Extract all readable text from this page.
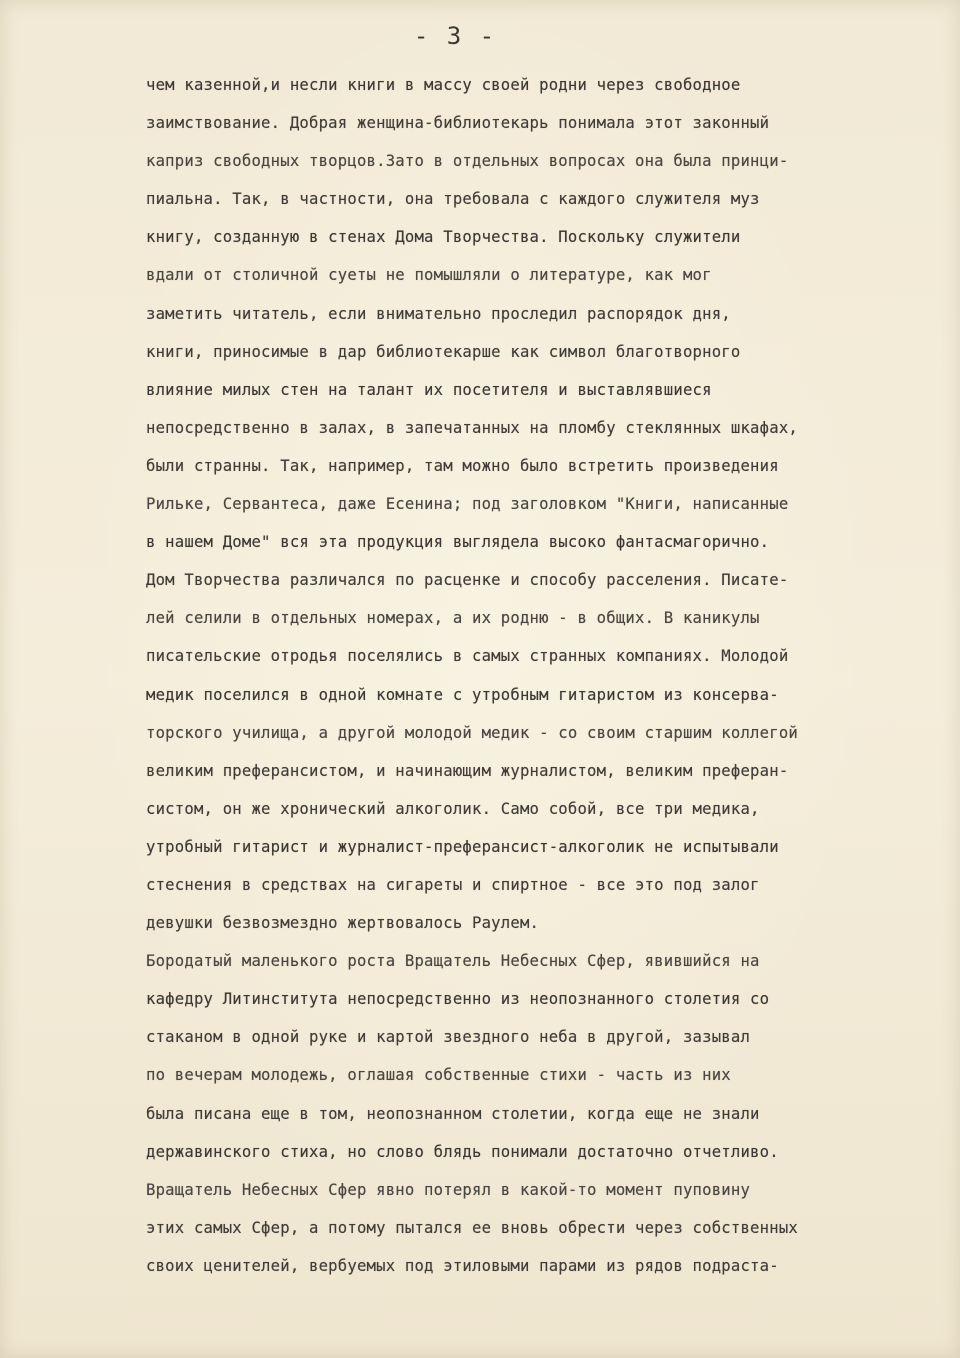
- 3 -
чем казенной,и несли книги в массу своей родни через свободное
заимствование. Добрая женщина-библиотекарь понимала этот законный
каприз свободных творцов.Зато в отдельных вопросах она была принци-
пиальна. Так, в частности, она требовала с каждого служителя муз
книгу, созданную в стенах Дома Творчества. Поскольку служители
вдали от столичной суеты не помышляли о литературе, как мог
заметить читатель, если внимательно проследил распорядок дня,
книги, приносимые в дар библиотекарше как символ благотворного
влияние милых стен на талант их посетителя и выставлявшиеся
непосредственно в залах, в запечатанных на пломбу стеклянных шкафах,
были странны. Так, например, там можно было встретить произведения
Рильке, Сервантеса, даже Есенина; под заголовком "Книги, написанные
в нашем Доме" вся эта продукция выглядела высоко фантасмагорично.
Дом Творчества различался по расценке и способу расселения. Писате-
лей селили в отдельных номерах, а их родню - в общих. В каникулы
писательские отродья поселялись в самых странных компаниях. Молодой
медик поселился в одной комнате с утробным гитаристом из консерва-
торского училища, а другой молодой медик - со своим старшим коллегой
великим преферансистом, и начинающим журналистом, великим преферан-
систом, он же хронический алкоголик. Само собой, все три медика,
утробный гитарист и журналист-преферансист-алкоголик не испытывали
стеснения в средствах на сигареты и спиртное - все это под залог
девушки безвозмездно жертвовалось Раулем.
Бородатый маленького роста Вращатель Небесных Сфер, явившийся на
кафедру Литинститута непосредственно из неопознанного столетия со
стаканом в одной руке и картой звездного неба в другой, зазывал
по вечерам молодежь, оглашая собственные стихи - часть из них
была писана еще в том, неопознанном столетии, когда еще не знали
державинского стиха, но слово блядь понимали достаточно отчетливо.
Вращатель Небесных Сфер явно потерял в какой-то момент пуповину
этих самых Сфер, а потому пытался ее вновь обрести через собственных
своих ценителей, вербуемых под этиловыми парами из рядов подраста-
